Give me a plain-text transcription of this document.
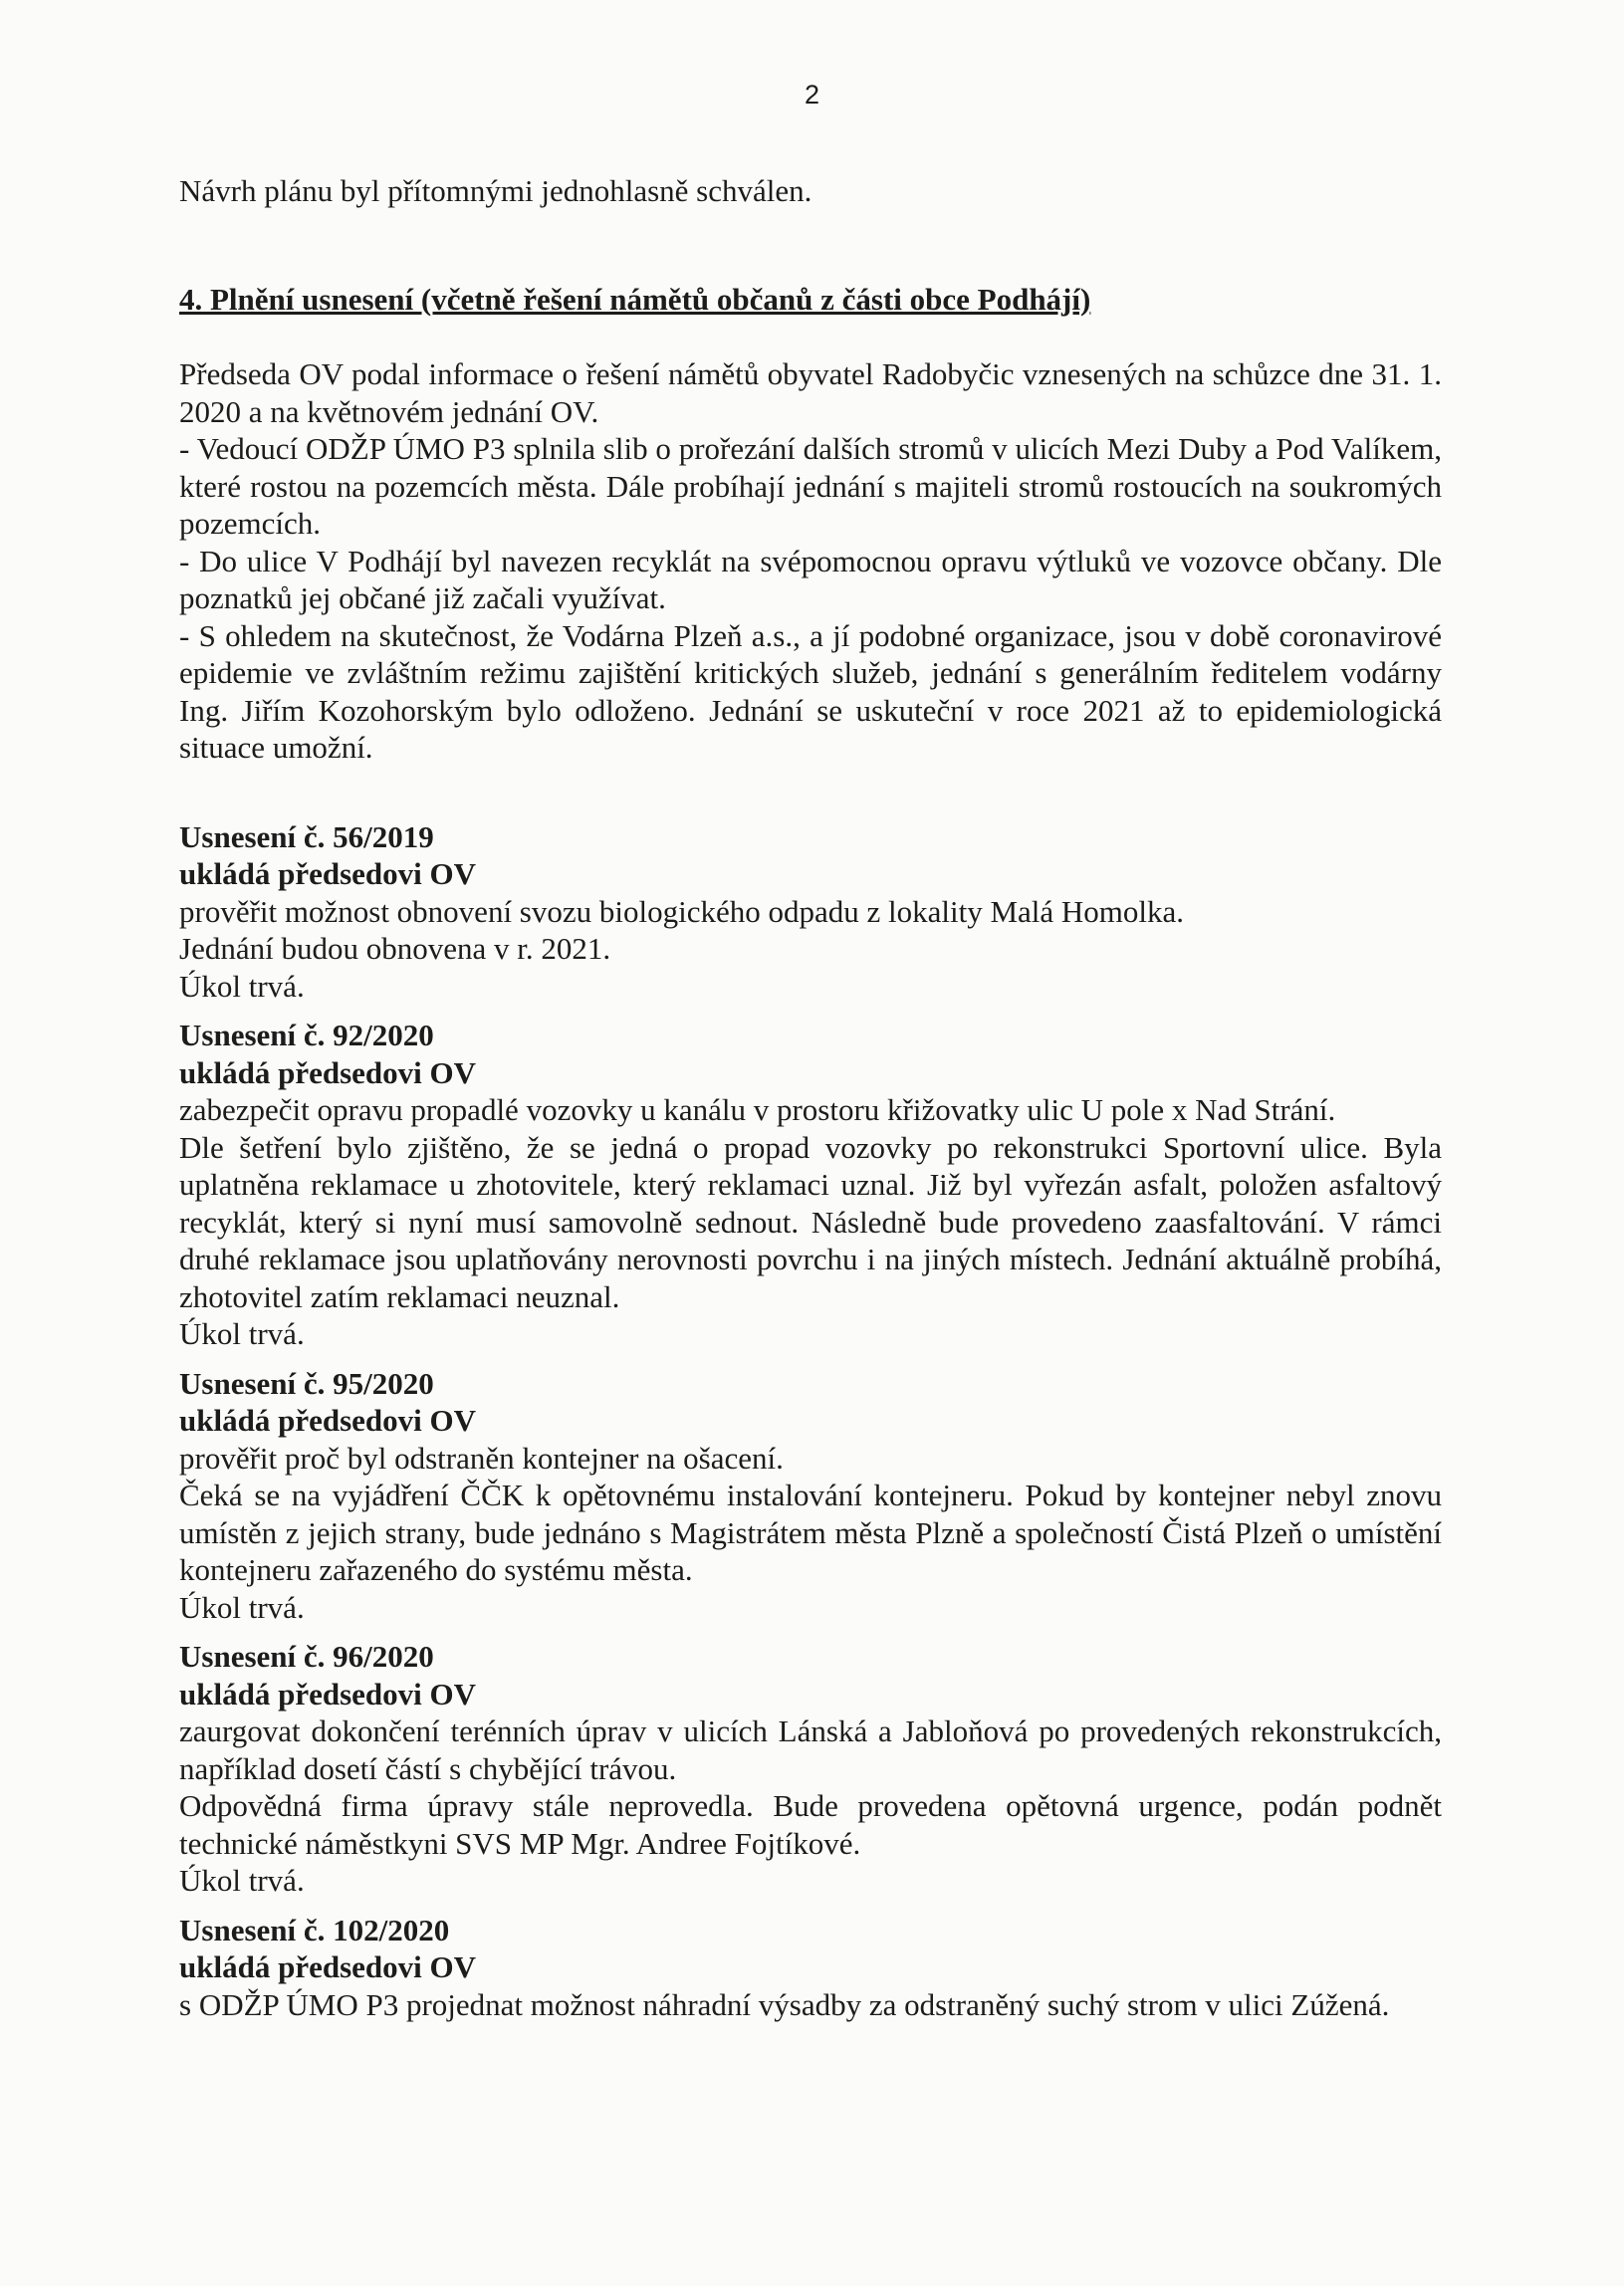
2

Návrh plánu byl přítomnými jednohlasně schválen.

4. Plnění usnesení (včetně řešení námětů občanů z části obce Podhájí)

Předseda OV podal informace o řešení námětů obyvatel Radobyčic vznesených na schůzce dne 31. 1. 2020 a na květnovém jednání OV.

- Vedoucí ODŽP ÚMO P3 splnila slib o prořezání dalších stromů v ulicích Mezi Duby a Pod Valíkem, které rostou na pozemcích města. Dále probíhají jednání s majiteli stromů rostoucích na soukromých pozemcích.

- Do ulice V Podhájí byl navezen recyklát na svépomocnou opravu výtluků ve vozovce občany. Dle poznatků jej občané již začali využívat.

- S ohledem na skutečnost, že Vodárna Plzeň a.s., a jí podobné organizace, jsou v době coronavirové epidemie ve zvláštním režimu zajištění kritických služeb, jednání s generálním ředitelem vodárny Ing. Jiřím Kozohorským bylo odloženo. Jednání se uskuteční v roce 2021 až to epidemiologická situace umožní.

Usnesení č. 56/2019

ukládá předsedovi OV

prověřit možnost obnovení svozu biologického odpadu z lokality Malá Homolka.

Jednání budou obnovena v r. 2021.

Úkol trvá.

Usnesení č. 92/2020

ukládá předsedovi OV

zabezpečit opravu propadlé vozovky u kanálu v prostoru křižovatky ulic U pole x Nad Strání.

Dle šetření bylo zjištěno, že se jedná o propad vozovky po rekonstrukci Sportovní ulice. Byla uplatněna reklamace u zhotovitele, který reklamaci uznal. Již byl vyřezán asfalt, položen asfaltový recyklát, který si nyní musí samovolně sednout. Následně bude provedeno zaasfaltování. V rámci druhé reklamace jsou uplatňovány nerovnosti povrchu i na jiných místech. Jednání aktuálně probíhá, zhotovitel zatím reklamaci neuznal.

Úkol trvá.

Usnesení č. 95/2020

ukládá předsedovi OV

prověřit proč byl odstraněn kontejner na ošacení.

Čeká se na vyjádření ČČK k opětovnému instalování kontejneru. Pokud by kontejner nebyl znovu umístěn z jejich strany, bude jednáno s Magistrátem města Plzně a společností Čistá Plzeň o umístění kontejneru zařazeného do systému města.

Úkol trvá.

Usnesení č. 96/2020

ukládá předsedovi OV

zaurgovat dokončení terénních úprav v ulicích Lánská a Jabloňová po provedených rekonstrukcích, například dosetí částí s chybějící trávou.

Odpovědná firma úpravy stále neprovedla. Bude provedena opětovná urgence, podán podnět technické náměstkyni SVS MP Mgr. Andree Fojtíkové.

Úkol trvá.

Usnesení č. 102/2020

ukládá předsedovi OV

s ODŽP ÚMO P3 projednat možnost náhradní výsadby za odstraněný suchý strom v ulici Zúžená.
